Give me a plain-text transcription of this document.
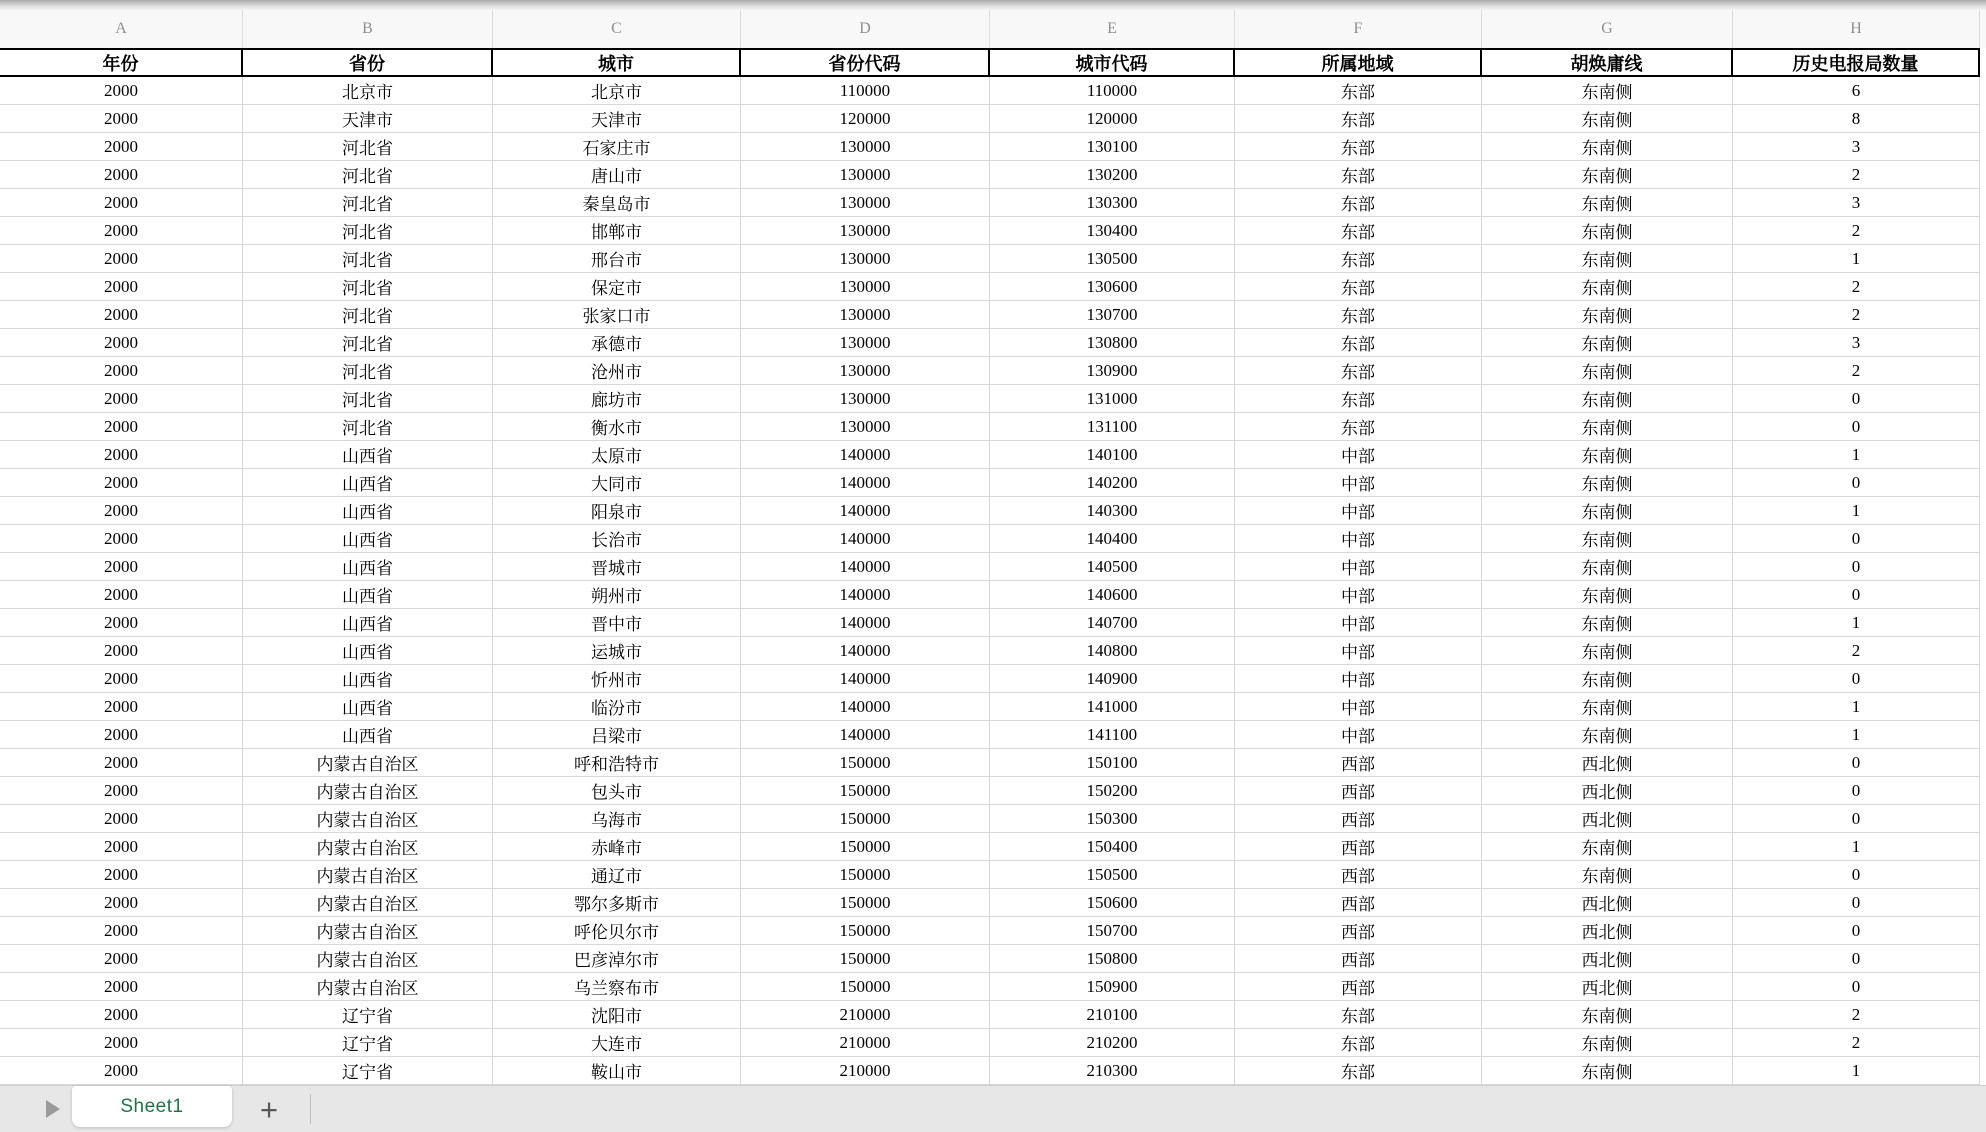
A	B	C	D	E	F	G	H
年份	省份	城市	省份代码	城市代码	所属地域	胡焕庸线	历史电报局数量
2000	北京市	北京市	110000	110000	东部	东南侧	6
2000	天津市	天津市	120000	120000	东部	东南侧	8
2000	河北省	石家庄市	130000	130100	东部	东南侧	3
2000	河北省	唐山市	130000	130200	东部	东南侧	2
2000	河北省	秦皇岛市	130000	130300	东部	东南侧	3
2000	河北省	邯郸市	130000	130400	东部	东南侧	2
2000	河北省	邢台市	130000	130500	东部	东南侧	1
2000	河北省	保定市	130000	130600	东部	东南侧	2
2000	河北省	张家口市	130000	130700	东部	东南侧	2
2000	河北省	承德市	130000	130800	东部	东南侧	3
2000	河北省	沧州市	130000	130900	东部	东南侧	2
2000	河北省	廊坊市	130000	131000	东部	东南侧	0
2000	河北省	衡水市	130000	131100	东部	东南侧	0
2000	山西省	太原市	140000	140100	中部	东南侧	1
2000	山西省	大同市	140000	140200	中部	东南侧	0
2000	山西省	阳泉市	140000	140300	中部	东南侧	1
2000	山西省	长治市	140000	140400	中部	东南侧	0
2000	山西省	晋城市	140000	140500	中部	东南侧	0
2000	山西省	朔州市	140000	140600	中部	东南侧	0
2000	山西省	晋中市	140000	140700	中部	东南侧	1
2000	山西省	运城市	140000	140800	中部	东南侧	2
2000	山西省	忻州市	140000	140900	中部	东南侧	0
2000	山西省	临汾市	140000	141000	中部	东南侧	1
2000	山西省	吕梁市	140000	141100	中部	东南侧	1
2000	内蒙古自治区	呼和浩特市	150000	150100	西部	西北侧	0
2000	内蒙古自治区	包头市	150000	150200	西部	西北侧	0
2000	内蒙古自治区	乌海市	150000	150300	西部	西北侧	0
2000	内蒙古自治区	赤峰市	150000	150400	西部	东南侧	1
2000	内蒙古自治区	通辽市	150000	150500	西部	东南侧	0
2000	内蒙古自治区	鄂尔多斯市	150000	150600	西部	西北侧	0
2000	内蒙古自治区	呼伦贝尔市	150000	150700	西部	西北侧	0
2000	内蒙古自治区	巴彦淖尔市	150000	150800	西部	西北侧	0
2000	内蒙古自治区	乌兰察布市	150000	150900	西部	西北侧	0
2000	辽宁省	沈阳市	210000	210100	东部	东南侧	2
2000	辽宁省	大连市	210000	210200	东部	东南侧	2
2000	辽宁省	鞍山市	210000	210300	东部	东南侧	1
Sheet1 +
